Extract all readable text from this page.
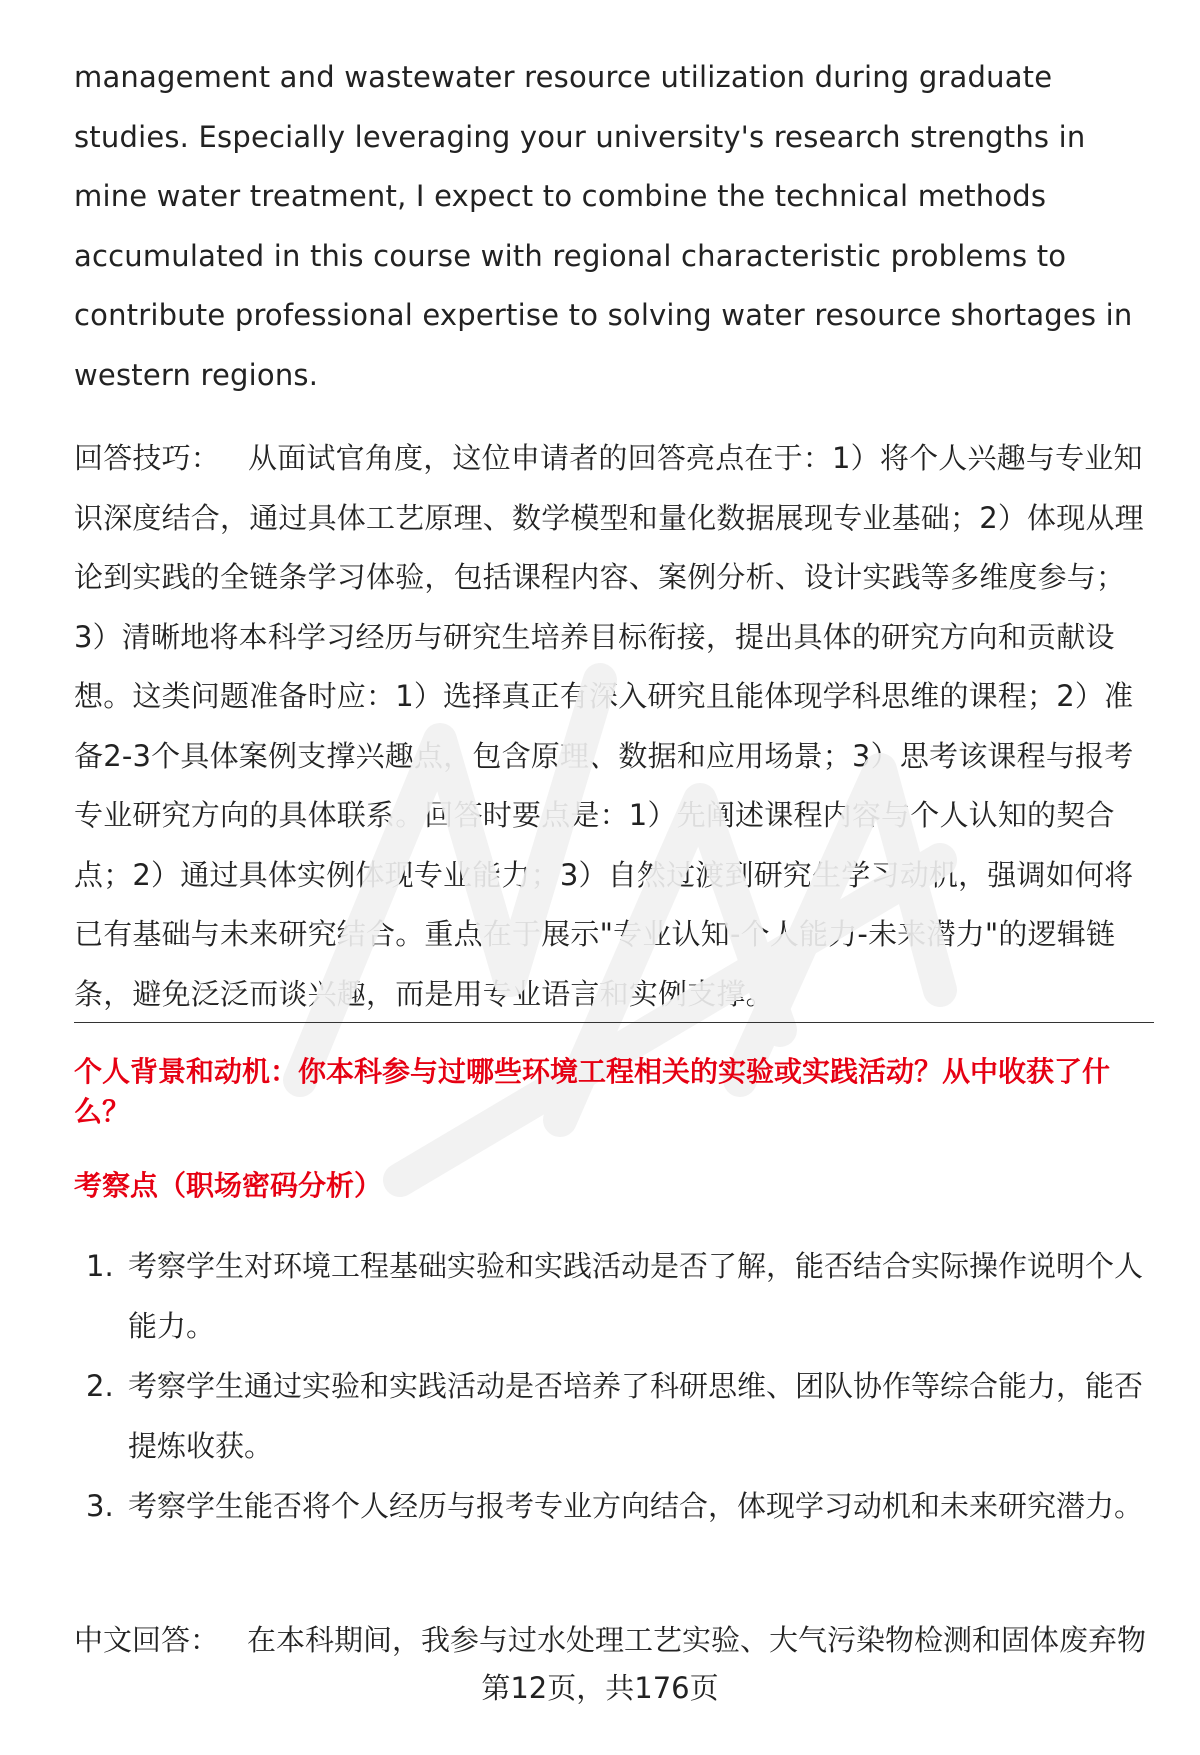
management and wastewater resource utilization during graduate studies. Especially leveraging your university's research strengths in mine water treatment, I expect to combine the technical methods accumulated in this course with regional characteristic problems to contribute professional expertise to solving water resource shortages in western regions.

回答技巧： 从面试官角度，这位申请者的回答亮点在于：1）将个人兴趣与专业知识深度结合，通过具体工艺原理、数学模型和量化数据展现专业基础；2）体现从理论到实践的全链条学习体验，包括课程内容、案例分析、设计实践等多维度参与；3）清晰地将本科学习经历与研究生培养目标衔接，提出具体的研究方向和贡献设想。这类问题准备时应：1）选择真正有深入研究且能体现学科思维的课程；2）准备2-3个具体案例支撑兴趣点，包含原理、数据和应用场景；3）思考该课程与报考专业研究方向的具体联系。回答时要点是：1）先阐述课程内容与个人认知的契合点；2）通过具体实例体现专业能力；3）自然过渡到研究生学习动机，强调如何将已有基础与未来研究结合。重点在于展示"专业认知-个人能力-未来潜力"的逻辑链条，避免泛泛而谈兴趣，而是用专业语言和实例支撑。

个人背景和动机：你本科参与过哪些环境工程相关的实验或实践活动？从中收获了什么？

考察点（职场密码分析）

1. 考察学生对环境工程基础实验和实践活动是否了解，能否结合实际操作说明个人能力。
2. 考察学生通过实验和实践活动是否培养了科研思维、团队协作等综合能力，能否提炼收获。
3. 考察学生能否将个人经历与报考专业方向结合，体现学习动机和未来研究潜力。

中文回答： 在本科期间，我参与过水处理工艺实验、大气污染物检测和固体废弃物

第12页，共176页
